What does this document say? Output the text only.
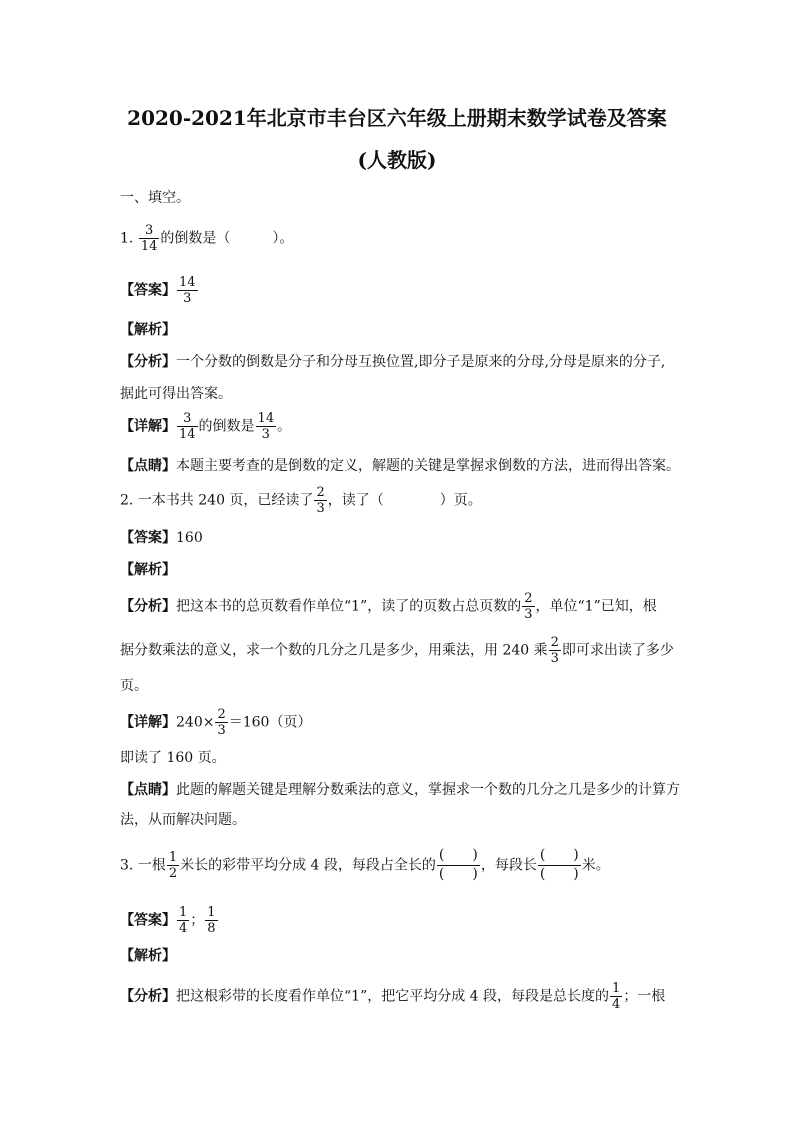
2020-2021年北京市丰台区六年级上册期末数学试卷及答案
(人教版)
一、填空。
1. $\frac{3}{14}$ 的倒数是（　　　）。
【答案】 $\frac{14}{3}$
【解析】
【分析】一个分数的倒数是分子和分母互换位置,即分子是原来的分母,分母是原来的分子,
据此可得出答案。
【详解】 $\frac{3}{14}$ 的倒数是 $\frac{14}{3}$ 。
【点睛】本题主要考查的是倒数的定义，解题的关键是掌握求倒数的方法，进而得出答案。
2. 一本书共 240 页，已经读了 $\frac{2}{3}$ ，读了（　　　　）页。
【答案】160
【解析】
【分析】把这本书的总页数看作单位“1”，读了的页数占总页数的 $\frac{2}{3}$ ，单位“1”已知，根
据分数乘法的意义，求一个数的几分之几是多少，用乘法，用 240 乘 $\frac{2}{3}$ 即可求出读了多少
页。
【详解】$240\times \frac{2}{3} =160$（页）
即读了 160 页。
【点睛】此题的解题关键是理解分数乘法的意义，掌握求一个数的几分之几是多少的计算方
法，从而解决问题。
3. 一根 $\frac{1}{2}$ 米长的彩带平均分成 4 段，每段占全长的 $\frac{( )}{( )}$ ，每段长 $\frac{( )}{( )}$ 米。
【答案】 $\frac{1}{4}$ ； $\frac{1}{8}$
【解析】
【分析】把这根彩带的长度看作单位“1”，把它平均分成 4 段，每段是总长度的 $\frac{1}{4}$ ；一根
